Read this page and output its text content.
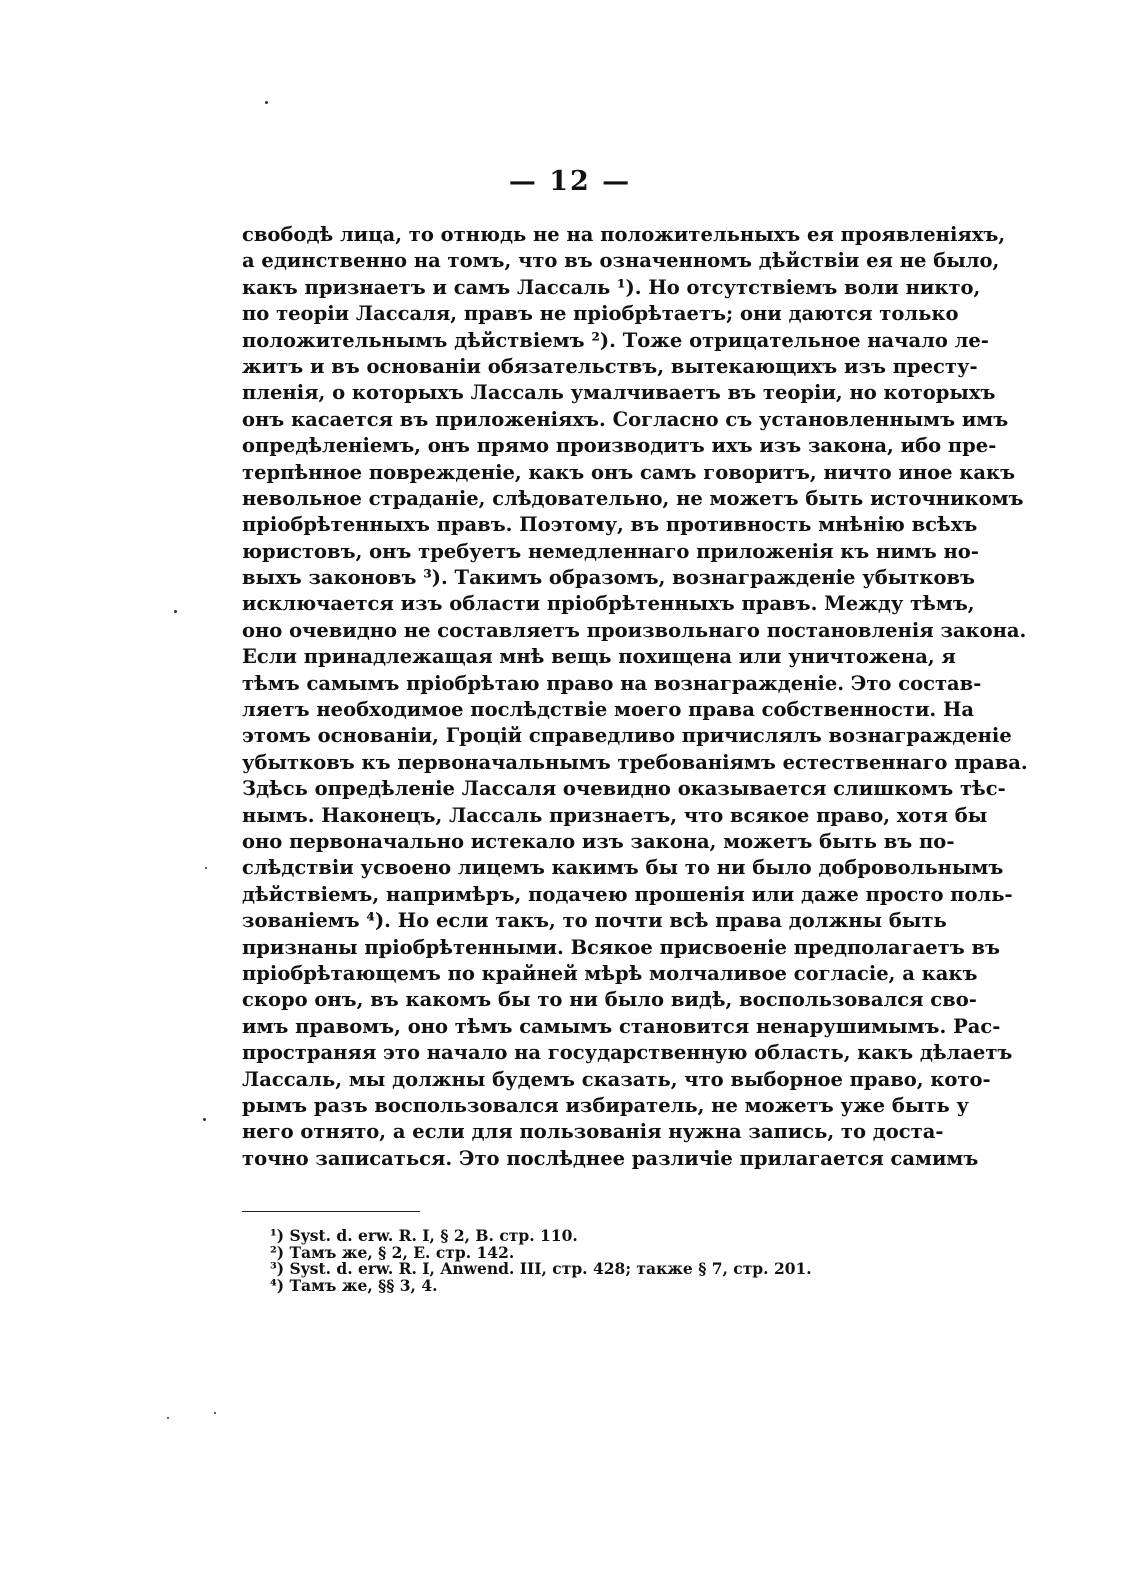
— 12 —
свободѣ лица, то отнюдь не на положительныхъ ея проявленіяхъ,
а единственно на томъ, что въ означенномъ дѣйствіи ея не было,
какъ признаетъ и самъ Лассаль ¹). Но отсутствіемъ воли никто,
по теоріи Лассаля, правъ не пріобрѣтаетъ; они даются только
положительнымъ дѣйствіемъ ²). Тоже отрицательное начало ле-
житъ и въ основаніи обязательствъ, вытекающихъ изъ престу-
пленія, о которыхъ Лассаль умалчиваетъ въ теоріи, но которыхъ
онъ касается въ приложеніяхъ. Согласно съ установленнымъ имъ
опредѣленіемъ, онъ прямо производитъ ихъ изъ закона, ибо пре-
терпѣнное поврежденіе, какъ онъ самъ говоритъ, ничто иное какъ
невольное страданіе, слѣдовательно, не можетъ быть источникомъ
пріобрѣтенныхъ правъ. Поэтому, въ противность мнѣнію всѣхъ
юристовъ, онъ требуетъ немедленнаго приложенія къ нимъ но-
выхъ законовъ ³). Такимъ образомъ, вознагражденіе убытковъ
исключается изъ области пріобрѣтенныхъ правъ. Между тѣмъ,
оно очевидно не составляетъ произвольнаго постановленія закона.
Если принадлежащая мнѣ вещь похищена или уничтожена, я
тѣмъ самымъ пріобрѣтаю право на вознагражденіе. Это состав-
ляетъ необходимое послѣдствіе моего права собственности. На
этомъ основаніи, Гроцій справедливо причислялъ вознагражденіе
убытковъ къ первоначальнымъ требованіямъ естественнаго права.
Здѣсь опредѣленіе Лассаля очевидно оказывается слишкомъ тѣс-
нымъ. Наконецъ, Лассаль признаетъ, что всякое право, хотя бы
оно первоначально истекало изъ закона, можетъ быть въ по-
слѣдствіи усвоено лицемъ какимъ бы то ни было добровольнымъ
дѣйствіемъ, напримѣръ, подачею прошенія или даже просто поль-
зованіемъ ⁴). Но если такъ, то почти всѣ права должны быть
признаны пріобрѣтенными. Всякое присвоеніе предполагаетъ въ
пріобрѣтающемъ по крайней мѣрѣ молчаливое согласіе, а какъ
скоро онъ, въ какомъ бы то ни было видѣ, воспользовался сво-
имъ правомъ, оно тѣмъ самымъ становится ненарушимымъ. Рас-
пространяя это начало на государственную область, какъ дѣлаетъ
Лассаль, мы должны будемъ сказать, что выборное право, кото-
рымъ разъ воспользовался избиратель, не можетъ уже быть у
него отнято, а если для пользованія нужна запись, то доста-
точно записаться. Это послѣднее различіе прилагается самимъ
¹) Syst. d. erw. R. I, § 2, B. стр. 110.
²) Тамъ же, § 2, E. стр. 142.
³) Syst. d. erw. R. I, Anwend. III, стр. 428; также § 7, стр. 201.
⁴) Тамъ же, §§ 3, 4.
